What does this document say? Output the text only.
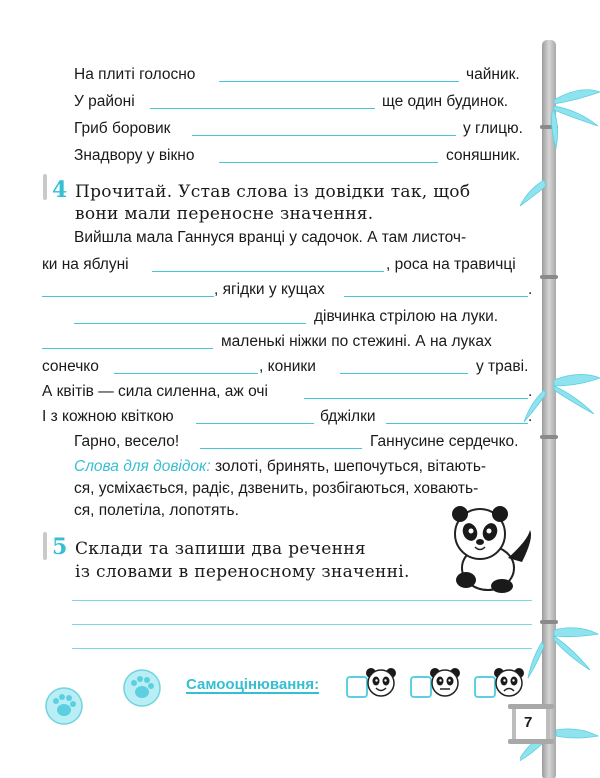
На плиті голосно	чайник.
У районі	ще один будинок.
Гриб боровик	у глицю.
Знадвору у вікно	соняшник.
4 Прочитай. Устав слова із довідки так, щоб
вони мали переносне значення.
Вийшла мала Ганнуся вранці у садочок. А там листоч-
ки на яблуні	, роса на травичці
, ягідки у кущах	.
дівчинка стрілою на луки.
маленькі ніжки по стежині. А на луках
сонечко	, коники	у траві.
А квітів — сила силенна, аж очі	.
І з кожною квіткою	бджілки	.
Гарно, весело!	Ганнусине сердечко.
Слова для довідок: золоті, бринять, шепочуться, вітають-
ся, усміхається, радіє, дзвенить, розбігаються, ховають-
ся, полетіла, лопотять.
5 Склади та запиши два речення
із словами в переносному значенні.
Самооцінювання:
7
